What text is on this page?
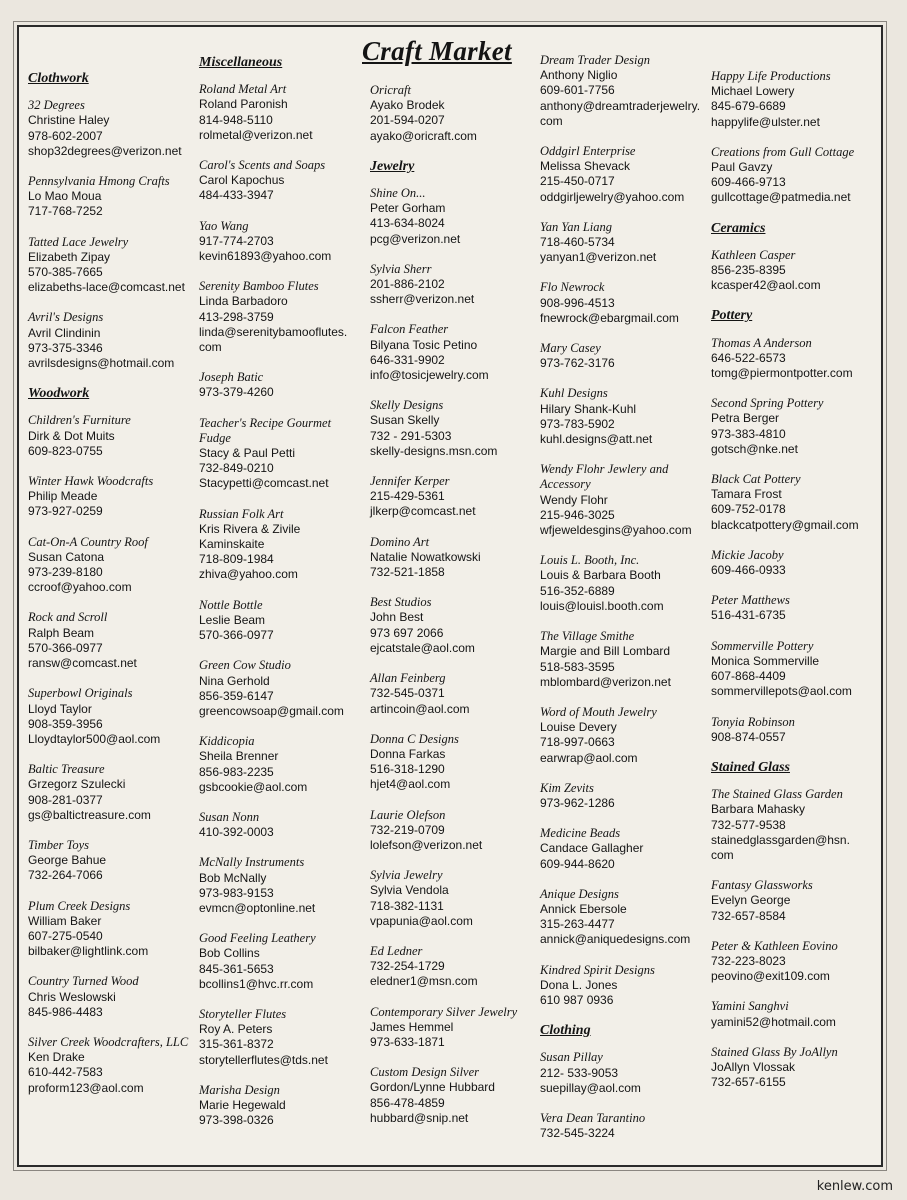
Craft Market
Clothwork
32 Degrees
Christine Haley
978-602-2007
shop32degrees@verizon.net
Pennsylvania Hmong Crafts
Lo Mao Moua
717-768-7252
Tatted Lace Jewelry
Elizabeth Zipay
570-385-7665
elizabeths-lace@comcast.net
Avril's Designs
Avril Clindinin
973-375-3346
avrilsdesigns@hotmail.com
Woodwork
Children's Furniture
Dirk & Dot Muits
609-823-0755
Winter Hawk Woodcrafts
Philip Meade
973-927-0259
Cat-On-A Country Roof
Susan Catona
973-239-8180
ccroof@yahoo.com
Rock and Scroll
Ralph Beam
570-366-0977
ransw@comcast.net
Superbowl Originals
Lloyd Taylor
908-359-3956
Lloydtaylor500@aol.com
Baltic Treasure
Grzegorz Szulecki
908-281-0377
gs@baltictreasure.com
Timber Toys
George Bahue
732-264-7066
Plum Creek Designs
William Baker
607-275-0540
bilbaker@lightlink.com
Country Turned Wood
Chris Weslowski
845-986-4483
Silver Creek Woodcrafters, LLC
Ken Drake
610-442-7583
proform123@aol.com
Miscellaneous
Roland Metal Art
Roland Paronish
814-948-5110
rolmetal@verizon.net
Carol's Scents and Soaps
Carol Kapochus
484-433-3947
Yao Wang
917-774-2703
kevin61893@yahoo.com
Serenity Bamboo Flutes
Linda Barbadoro
413-298-3759
linda@serenitybamooflutes.
com
Joseph Batic
973-379-4260
Teacher's Recipe Gourmet
Fudge
Stacy & Paul Petti
732-849-0210
Stacypetti@comcast.net
Russian Folk Art
Kris Rivera & Zivile
Kaminskaite
718-809-1984
zhiva@yahoo.com
Nottle Bottle
Leslie Beam
570-366-0977
Green Cow Studio
Nina Gerhold
856-359-6147
greencowsoap@gmail.com
Kiddicopia
Sheila Brenner
856-983-2235
gsbcookie@aol.com
Susan Nonn
410-392-0003
McNally Instruments
Bob McNally
973-983-9153
evmcn@optonline.net
Good Feeling Leathery
Bob Collins
845-361-5653
bcollins1@hvc.rr.com
Storyteller Flutes
Roy A. Peters
315-361-8372
storytellerflutes@tds.net
Marisha Design
Marie Hegewald
973-398-0326
Oricraft
Ayako Brodek
201-594-0207
ayako@oricraft.com
Jewelry
Shine On...
Peter Gorham
413-634-8024
pcg@verizon.net
Sylvia Sherr
201-886-2102
ssherr@verizon.net
Falcon Feather
Bilyana Tosic Petino
646-331-9902
info@tosicjewelry.com
Skelly Designs
Susan Skelly
732 - 291-5303
skelly-designs.msn.com
Jennifer Kerper
215-429-5361
jlkerp@comcast.net
Domino Art
Natalie Nowatkowski
732-521-1858
Best Studios
John Best
973 697 2066
ejcatstale@aol.com
Allan Feinberg
732-545-0371
artincoin@aol.com
Donna C Designs
Donna Farkas
516-318-1290
hjet4@aol.com
Laurie Olefson
732-219-0709
lolefson@verizon.net
Sylvia Jewelry
Sylvia Vendola
718-382-1131
vpapunia@aol.com
Ed Ledner
732-254-1729
eledner1@msn.com
Contemporary Silver Jewelry
James Hemmel
973-633-1871
Custom Design Silver
Gordon/Lynne Hubbard
856-478-4859
hubbard@snip.net
Dream Trader Design
Anthony Niglio
609-601-7756
anthony@dreamtraderjewelry.
com
Oddgirl Enterprise
Melissa Shevack
215-450-0717
oddgirljewelry@yahoo.com
Yan Yan Liang
718-460-5734
yanyan1@verizon.net
Flo Newrock
908-996-4513
fnewrock@ebargmail.com
Mary Casey
973-762-3176
Kuhl Designs
Hilary Shank-Kuhl
973-783-5902
kuhl.designs@att.net
Wendy Flohr Jewlery and
Accessory
Wendy Flohr
215-946-3025
wfjeweldesgins@yahoo.com
Louis L. Booth, Inc.
Louis & Barbara Booth
516-352-6889
louis@louisl.booth.com
The Village Smithe
Margie and Bill Lombard
518-583-3595
mblombard@verizon.net
Word of Mouth Jewelry
Louise Devery
718-997-0663
earwrap@aol.com
Kim Zevits
973-962-1286
Medicine Beads
Candace Gallagher
609-944-8620
Anique Designs
Annick Ebersole
315-263-4477
annick@aniquedesigns.com
Kindred Spirit Designs
Dona L. Jones
610 987 0936
Clothing
Susan Pillay
212- 533-9053
suepillay@aol.com
Vera Dean Tarantino
732-545-3224
Happy Life Productions
Michael Lowery
845-679-6689
happylife@ulster.net
Creations from Gull Cottage
Paul Gavzy
609-466-9713
gullcottage@patmedia.net
Ceramics
Kathleen Casper
856-235-8395
kcasper42@aol.com
Pottery
Thomas A Anderson
646-522-6573
tomg@piermontpotter.com
Second Spring Pottery
Petra Berger
973-383-4810
gotsch@nke.net
Black Cat Pottery
Tamara Frost
609-752-0178
blackcatpottery@gmail.com
Mickie Jacoby
609-466-0933
Peter Matthews
516-431-6735
Sommerville Pottery
Monica Sommerville
607-868-4409
sommervillepots@aol.com
Tonyia Robinson
908-874-0557
Stained Glass
The Stained Glass Garden
Barbara Mahasky
732-577-9538
stainedglassgarden@hsn.
com
Fantasy Glassworks
Evelyn George
732-657-8584
Peter & Kathleen Eovino
732-223-8023
peovino@exit109.com
Yamini Sanghvi
yamini52@hotmail.com
Stained Glass By JoAllyn
JoAllyn Vlossak
732-657-6155
kenlew.com
